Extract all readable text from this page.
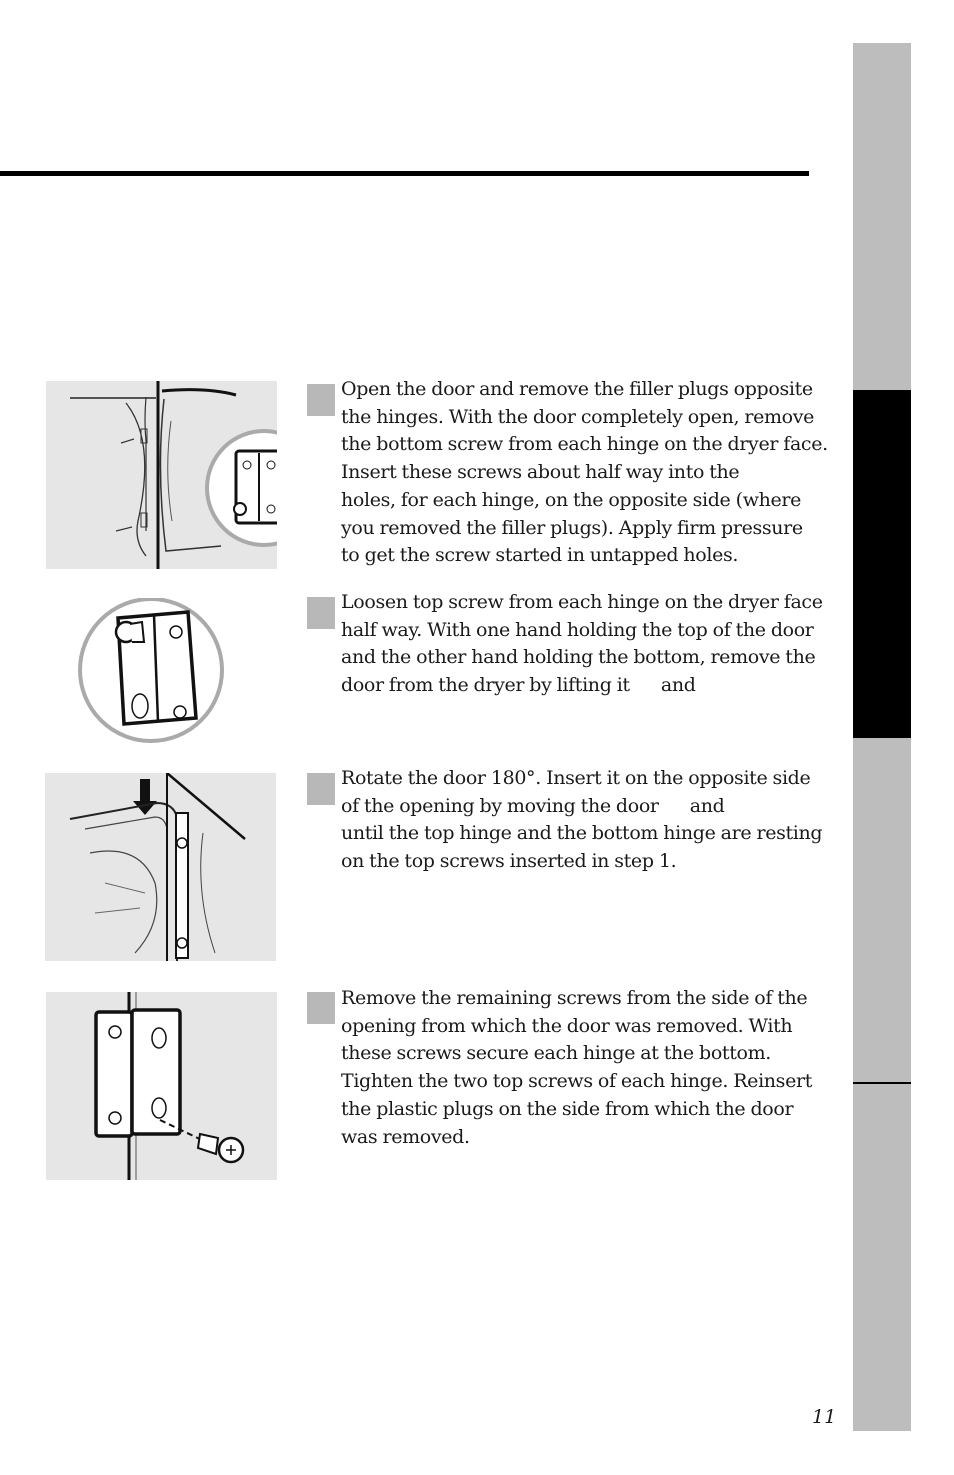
Open the door and remove the filler plugs opposite
the hinges. With the door completely open, remove
the bottom screw from each hinge on the dryer face.
Insert these screws about half way into the
holes, for each hinge, on the opposite side (where
you removed the filler plugs). Apply firm pressure
to get the screw started in untapped holes.
Loosen top screw from each hinge on the dryer face
half way. With one hand holding the top of the door
and the other hand holding the bottom, remove the
door from the dryer by lifting it      and
Rotate the door 180°. Insert it on the opposite side
of the opening by moving the door      and
until the top hinge and the bottom hinge are resting
on the top screws inserted in step 1.
Remove the remaining screws from the side of the
opening from which the door was removed. With
these screws secure each hinge at the bottom.
Tighten the two top screws of each hinge. Reinsert
the plastic plugs on the side from which the door
was removed.
11
